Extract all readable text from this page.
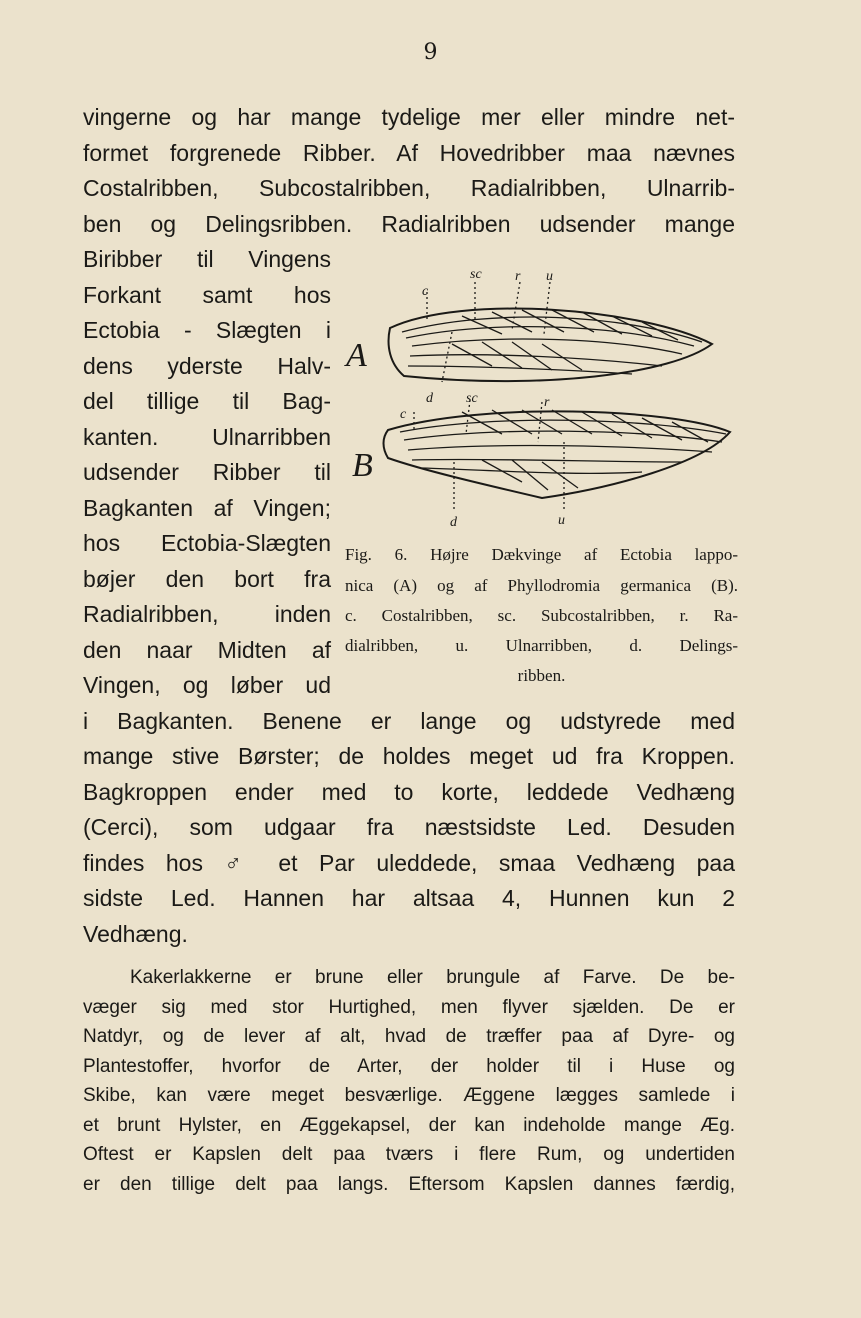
9
vingerne og har mange tydelige mer eller mindre net-
formet forgrenede Ribber. Af Hovedribber maa nævnes
Costalribben, Subcostalribben, Radialribben, Ulnarrib-
ben og Delingsribben. Radialribben udsender mange
Biribber til Vingens
Forkant samt hos
Ectobia - Slægten i
dens yderste Halv-
del tillige til Bag-
kanten. Ulnarribben
udsender Ribber til
Bagkanten af Vingen;
hos Ectobia-Slægten
bøjer den bort fra
Radialribben, inden
den naar Midten af
Vingen, og løber ud
c
sc r u
d
c
sc	r
d	u
A
B
Fig. 6. Højre Dækvinge af Ectobia lappo-
nica (A) og af Phyllodromia germanica (B).
c. Costalribben, sc. Subcostalribben, r. Ra-
dialribben, u. Ulnarribben, d. Delings-
ribben.
i Bagkanten. Benene er lange og udstyrede med
mange stive Børster; de holdes meget ud fra Kroppen.
Bagkroppen ender med to korte, leddede Vedhæng
(Cerci), som udgaar fra næstsidste Led. Desuden
findes hos ♂ et Par uleddede, smaa Vedhæng paa
sidste Led. Hannen har altsaa 4, Hunnen kun 2
Vedhæng.
Kakerlakkerne er brune eller brungule af Farve. De be-
væger sig med stor Hurtighed, men flyver sjælden. De er
Natdyr, og de lever af alt, hvad de træffer paa af Dyre- og
Plantestoffer, hvorfor de Arter, der holder til i Huse og
Skibe, kan være meget besværlige. Æggene lægges samlede i
et brunt Hylster, en Æggekapsel, der kan indeholde mange Æg.
Oftest er Kapslen delt paa tværs i flere Rum, og undertiden
er den tillige delt paa langs. Eftersom Kapslen dannes færdig,
